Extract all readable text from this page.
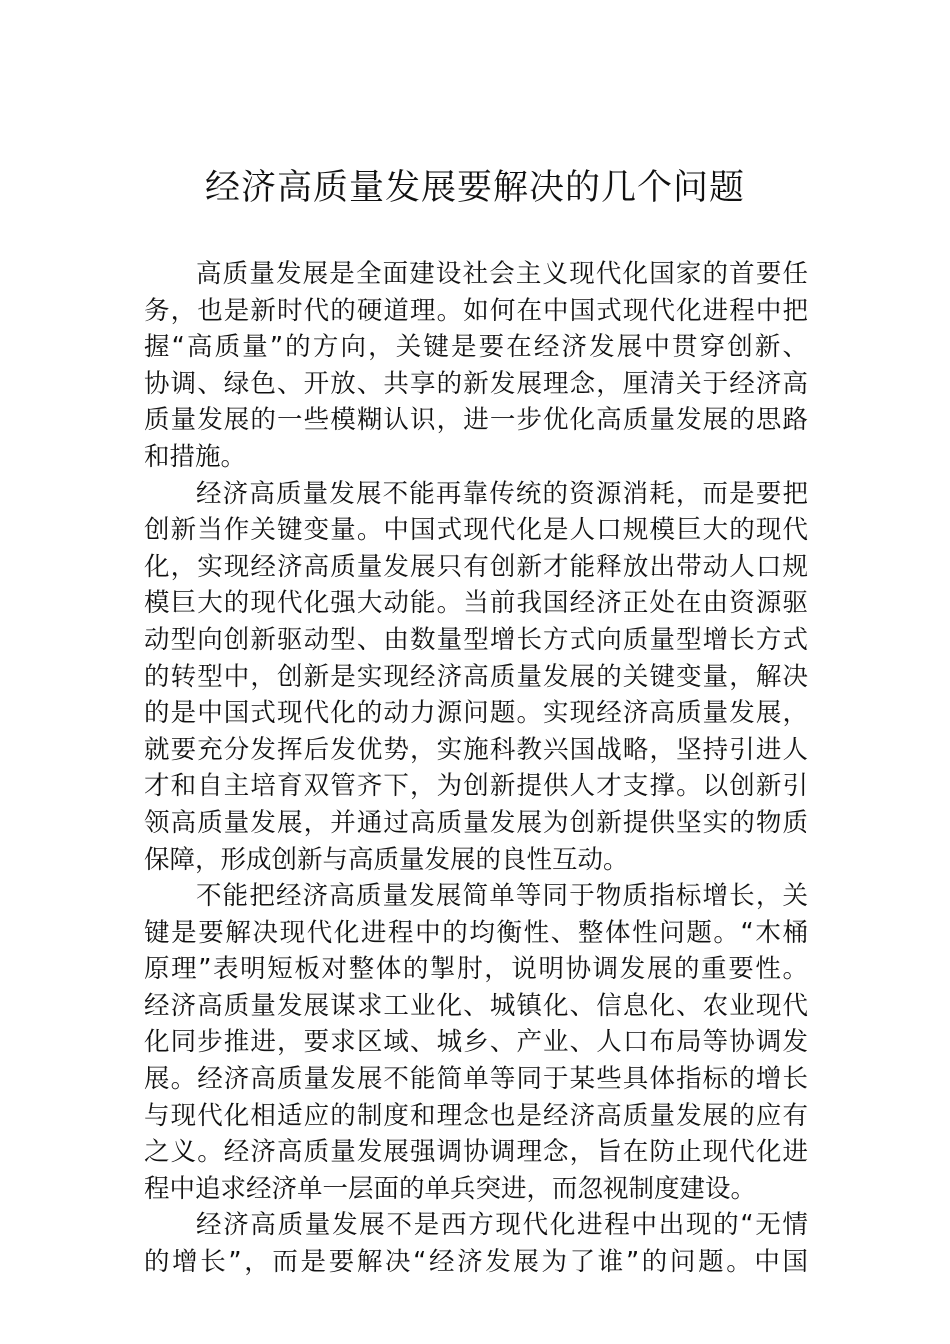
经济高质量发展要解决的几个问题
高质量发展是全面建设社会主义现代化国家的首要任
务，也是新时代的硬道理。如何在中国式现代化进程中把
握“高质量”的方向，关键是要在经济发展中贯穿创新、
协调、绿色、开放、共享的新发展理念，厘清关于经济高
质量发展的一些模糊认识，进一步优化高质量发展的思路
和措施。
经济高质量发展不能再靠传统的资源消耗，而是要把
创新当作关键变量。中国式现代化是人口规模巨大的现代
化，实现经济高质量发展只有创新才能释放出带动人口规
模巨大的现代化强大动能。当前我国经济正处在由资源驱
动型向创新驱动型、由数量型增长方式向质量型增长方式
的转型中，创新是实现经济高质量发展的关键变量，解决
的是中国式现代化的动力源问题。实现经济高质量发展，
就要充分发挥后发优势，实施科教兴国战略，坚持引进人
才和自主培育双管齐下，为创新提供人才支撑。以创新引
领高质量发展，并通过高质量发展为创新提供坚实的物质
保障，形成创新与高质量发展的良性互动。
不能把经济高质量发展简单等同于物质指标增长，关
键是要解决现代化进程中的均衡性、整体性问题。“木桶
原理”表明短板对整体的掣肘，说明协调发展的重要性。
经济高质量发展谋求工业化、城镇化、信息化、农业现代
化同步推进，要求区域、城乡、产业、人口布局等协调发
展。经济高质量发展不能简单等同于某些具体指标的增长
与现代化相适应的制度和理念也是经济高质量发展的应有
之义。经济高质量发展强调协调理念，旨在防止现代化进
程中追求经济单一层面的单兵突进，而忽视制度建设。
经济高质量发展不是西方现代化进程中出现的“无情
的增长”，而是要解决“经济发展为了谁”的问题。中国
